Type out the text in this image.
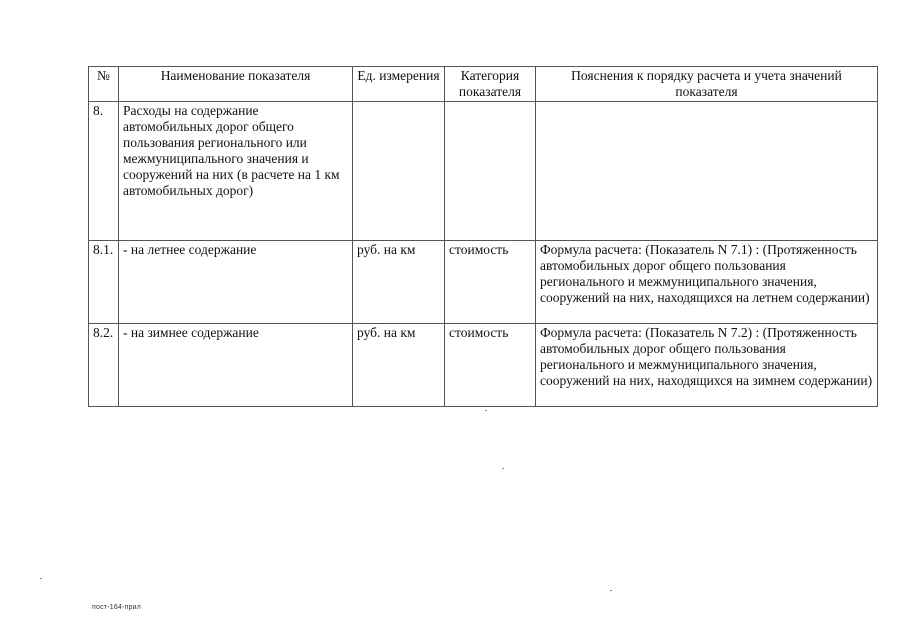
№	Наименование показателя	Ед. измерения	Категория показателя	Пояснения к порядку расчета и учета значений показателя
8.	Расходы на содержание автомобильных дорог общего пользования регионального или межмуниципального значения и сооружений на них (в расчете на 1 км автомобильных дорог)			
8.1.	- на летнее содержание	руб. на км	стоимость	Формула расчета: (Показатель N 7.1) : (Протяженность автомобильных дорог общего пользования регионального и межмуниципального значения, сооружений на них, находящихся на летнем содержании)
8.2.	- на зимнее содержание	руб. на км	стоимость	Формула расчета: (Показатель N 7.2) : (Протяженность автомобильных дорог общего пользования регионального и межмуниципального значения, сооружений на них, находящихся на зимнем содержании)
пост-164-прил
